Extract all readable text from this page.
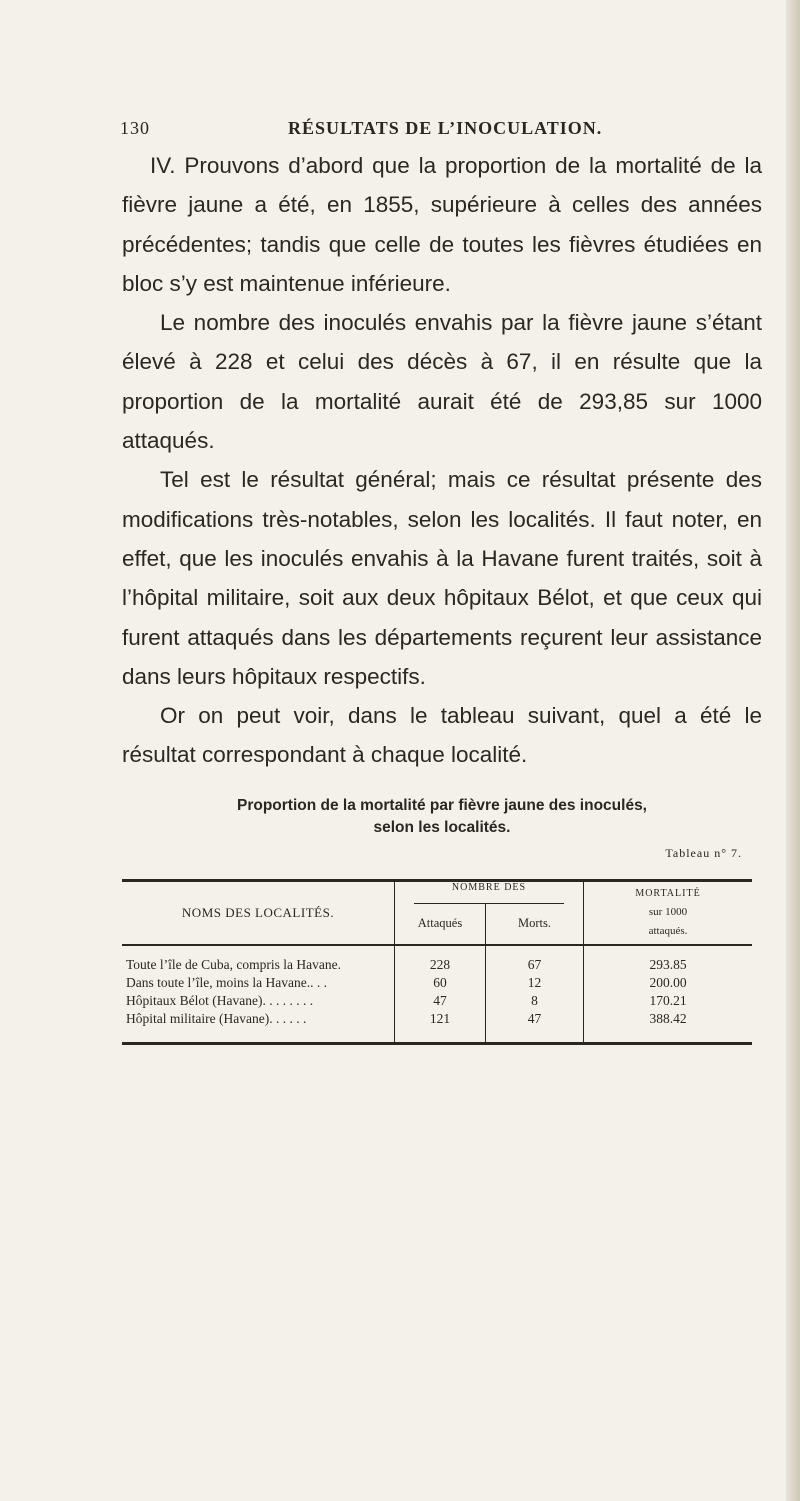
130	RÉSULTATS DE L’INOCULATION.

IV. Prouvons d’abord que la proportion de la mortalité de la fièvre jaune a été, en 1855, supérieure à celles des années précédentes; tandis que celle de toutes les fièvres étudiées en bloc s’y est maintenue inférieure.

Le nombre des inoculés envahis par la fièvre jaune s’étant élevé à 228 et celui des décès à 67, il en résulte que la proportion de la mortalité aurait été de 293,85 sur 1000 attaqués.

Tel est le résultat général; mais ce résultat présente des modifications très-notables, selon les localités. Il faut noter, en effet, que les inoculés envahis à la Havane furent traités, soit à l’hôpital militaire, soit aux deux hôpitaux Bélot, et que ceux qui furent attaqués dans les départements reçurent leur assistance dans leurs hôpitaux respectifs.

Or on peut voir, dans le tableau suivant, quel a été le résultat correspondant à chaque localité.

Proportion de la mortalité par fièvre jaune des inoculés,
selon les localités.
Tableau n° 7.
NOMS DES LOCALITÉS.	NOMBRE DES		MORTALITÉ
sur 1000
attaqués.

	Attaqués	Morts.	
Toute l’île de Cuba, compris la Havane.	228	67	293.85
Dans toute l’île, moins la Havane.. . .	60	12	200.00
Hôpitaux Bélot (Havane). . . . . . . .	47	8	170.21
Hôpital militaire (Havane). . . . . .	121	47	388.42
